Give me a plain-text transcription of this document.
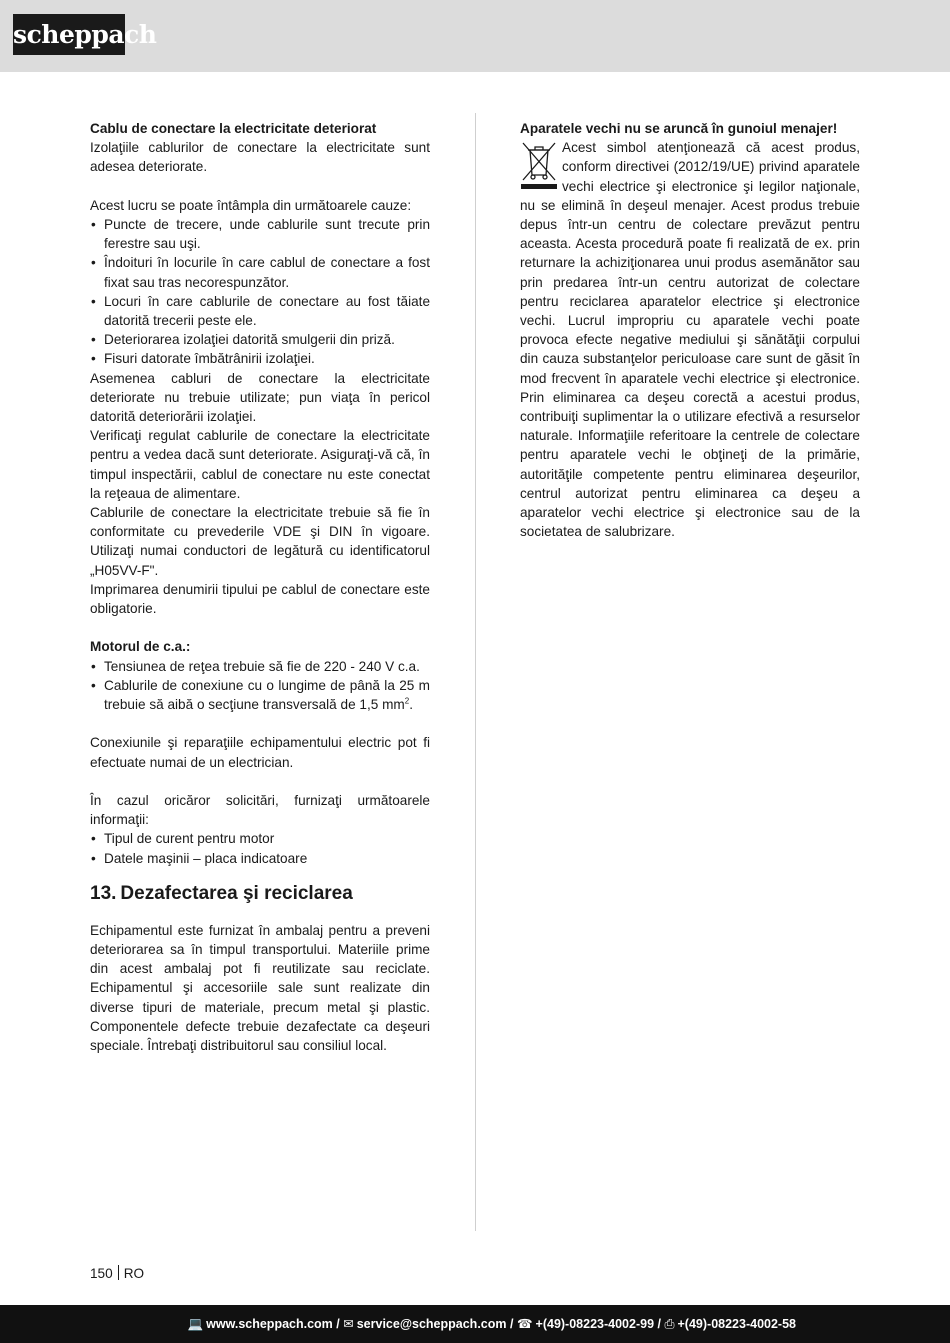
scheppach

Cablu de conectare la electricitate deteriorat

Izolaţiile cablurilor de conectare la electricitate sunt adesea deteriorate.

Acest lucru se poate întâmpla din următoarele cauze:

• Puncte de trecere, unde cablurile sunt trecute prin ferestre sau uşi.
• Îndoituri în locurile în care cablul de conectare a fost fixat sau tras necorespunzător.
• Locuri în care cablurile de conectare au fost tăiate datorită trecerii peste ele.
• Deteriorarea izolaţiei datorită smulgerii din priză.
• Fisuri datorate îmbătrânirii izolaţiei.

Asemenea cabluri de conectare la electricitate deteriorate nu trebuie utilizate; pun viaţa în pericol datorită deteriorării izolaţiei.

Verificaţi regulat cablurile de conectare la electricitate pentru a vedea dacă sunt deteriorate. Asiguraţi-vă că, în timpul inspectării, cablul de conectare nu este conectat la reţeaua de alimentare.

Cablurile de conectare la electricitate trebuie să fie în conformitate cu prevederile VDE şi DIN în vigoare. Utilizaţi numai conductori de legătură cu identificatorul „H05VV-F".

Imprimarea denumirii tipului pe cablul de conectare este obligatorie.

Motorul de c.a.:

• Tensiunea de reţea trebuie să fie de 220 - 240 V c.a.
• Cablurile de conexiune cu o lungime de până la 25 m trebuie să aibă o secţiune transversală de 1,5 $mm^2$.

Conexiunile şi reparaţiile echipamentului electric pot fi efectuate numai de un electrician.

În cazul oricăror solicitări, furnizaţi următoarele informaţii:

• Tipul de curent pentru motor
• Datele maşinii – placa indicatoare
13. Dezafectarea şi reciclarea

Echipamentul este furnizat în ambalaj pentru a preveni deteriorarea sa în timpul transportului. Materiile prime din acest ambalaj pot fi reutilizate sau reciclate. Echipamentul şi accesoriile sale sunt realizate din diverse tipuri de materiale, precum metal şi plastic. Componentele defecte trebuie dezafectate ca deşeuri speciale. Întrebaţi distribuitorul sau consiliul local.

Aparatele vechi nu se aruncă în gunoiul menajer!

Acest simbol atenţionează că acest produs, conform directivei (2012/19/UE) privind aparatele vechi electrice şi electronice şi legilor naţionale, nu se elimină în deşeul menajer. Acest produs trebuie depus într-un centru de colectare prevăzut pentru aceasta. Acesta procedură poate fi realizată de ex. prin returnare la achiziţionarea unui produs asemănător sau prin predarea într-un centru autorizat de colectare pentru reciclarea aparatelor electrice şi electronice vechi. Lucrul impropriu cu aparatele vechi poate provoca efecte negative mediului şi sănătăţii corpului din cauza substanţelor periculoase care sunt de găsit în mod frecvent în aparatele vechi electrice şi electronice. Prin eliminarea ca deşeu corectă a acestui produs, contribuiţi suplimentar la o utilizare efectivă a resurselor naturale. Informaţiile referitoare la centrele de colectare pentru aparatele vechi le obţineţi de la primărie, autorităţile competente pentru eliminarea deşeurilor, centrul autorizat pentru eliminarea ca deşeu a aparatelor vechi electrice şi electronice sau de la societatea de salubrizare.

150 RO
💻 www.scheppach.com / ✉ service@scheppach.com / ☎ +(49)-08223-4002-99 / ⎙ +(49)-08223-4002-58
